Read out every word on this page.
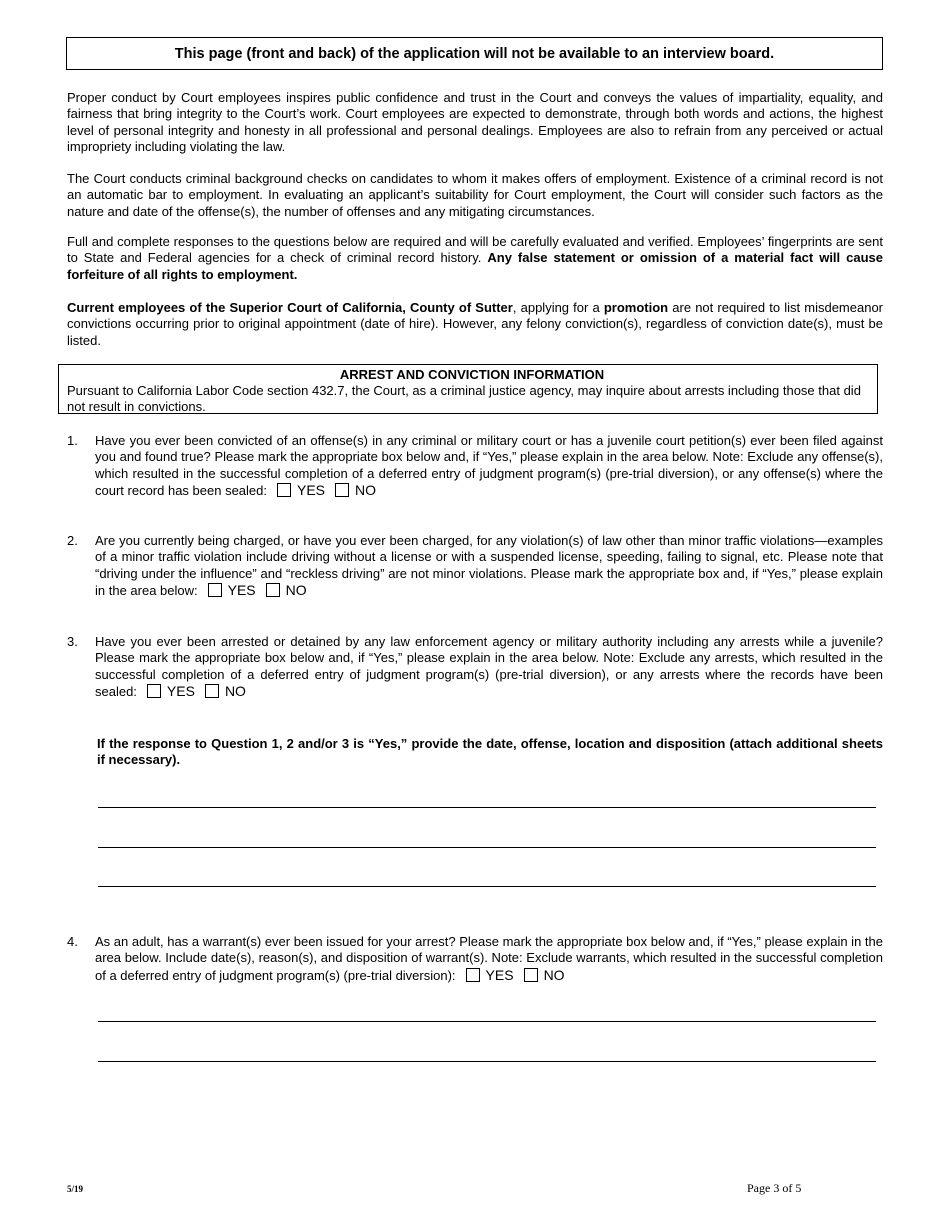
This page (front and back) of the application will not be available to an interview board.

Proper conduct by Court employees inspires public confidence and trust in the Court and conveys the values of impartiality, equality, and fairness that bring integrity to the Court’s work. Court employees are expected to demonstrate, through both words and actions, the highest level of personal integrity and honesty in all professional and personal dealings. Employees are also to refrain from any perceived or actual impropriety including violating the law.

The Court conducts criminal background checks on candidates to whom it makes offers of employment. Existence of a criminal record is not an automatic bar to employment. In evaluating an applicant’s suitability for Court employment, the Court will consider such factors as the nature and date of the offense(s), the number of offenses and any mitigating circumstances.

Full and complete responses to the questions below are required and will be carefully evaluated and verified. Employees’ fingerprints are sent to State and Federal agencies for a check of criminal record history. Any false statement or omission of a material fact will cause forfeiture of all rights to employment.

Current employees of the Superior Court of California, County of Sutter, applying for a promotion are not required to list misdemeanor convictions occurring prior to original appointment (date of hire). However, any felony conviction(s), regardless of conviction date(s), must be listed.

ARREST AND CONVICTION INFORMATION
Pursuant to California Labor Code section 432.7, the Court, as a criminal justice agency, may inquire about arrests including those that did not result in convictions.
1. Have you ever been convicted of an offense(s) in any criminal or military court or has a juvenile court petition(s) ever been filed against you and found true? Please mark the appropriate box below and, if “Yes,” please explain in the area below. Note: Exclude any offense(s), which resulted in the successful completion of a deferred entry of judgment program(s) (pre-trial diversion), or any offense(s) where the court record has been sealed: YES NO

2. Are you currently being charged, or have you ever been charged, for any violation(s) of law other than minor traffic violations—examples of a minor traffic violation include driving without a license or with a suspended license, speeding, failing to signal, etc. Please note that “driving under the influence” and “reckless driving” are not minor violations. Please mark the appropriate box and, if “Yes,” please explain in the area below: YES NO

3. Have you ever been arrested or detained by any law enforcement agency or military authority including any arrests while a juvenile? Please mark the appropriate box below and, if “Yes,” please explain in the area below. Note: Exclude any arrests, which resulted in the successful completion of a deferred entry of judgment program(s) (pre-trial diversion), or any arrests where the records have been sealed: YES NO

If the response to Question 1, 2 and/or 3 is “Yes,” provide the date, offense, location and disposition (attach additional sheets if necessary).

4. As an adult, has a warrant(s) ever been issued for your arrest? Please mark the appropriate box below and, if “Yes,” please explain in the area below. Include date(s), reason(s), and disposition of warrant(s). Note: Exclude warrants, which resulted in the successful completion of a deferred entry of judgment program(s) (pre-trial diversion): YES NO

5/19	Page 3 of 5
